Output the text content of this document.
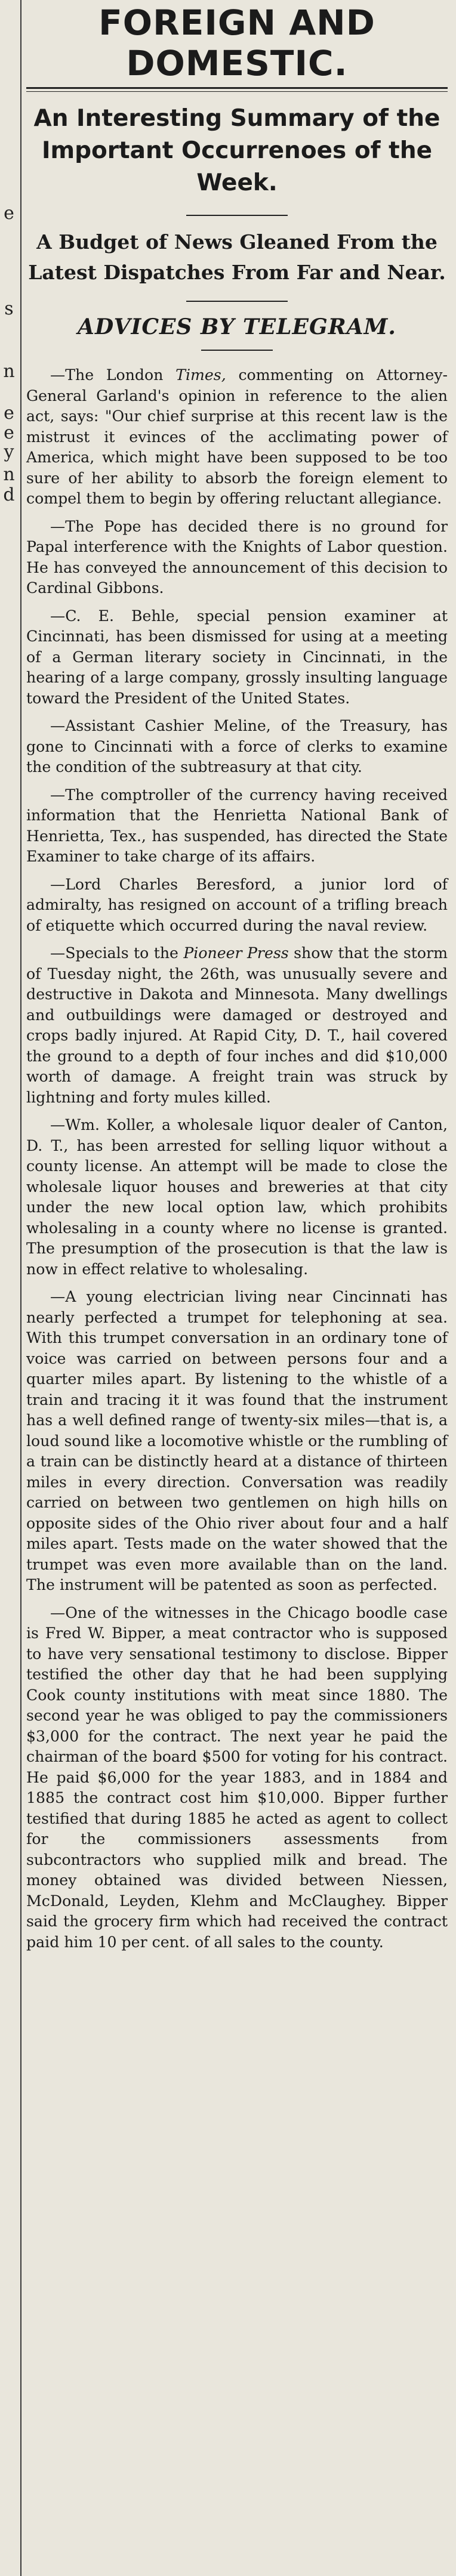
e
s
n
e
e
y
n
d
FOREIGN AND DOMESTIC.
An Interesting Summary of the Important Occurrenoes of the Week.
A Budget of News Gleaned From the Latest Dispatches From Far and Near.
ADVICES BY TELEGRAM.

—The London Times, commenting on Attorney-General Garland's opinion in reference to the alien act, says: "Our chief surprise at this recent law is the mistrust it evinces of the acclimating power of America, which might have been supposed to be too sure of her ability to absorb the foreign element to compel them to begin by offering reluctant allegiance.

—The Pope has decided there is no ground for Papal interference with the Knights of Labor question. He has conveyed the announcement of this decision to Cardinal Gibbons.

—C. E. Behle, special pension examiner at Cincinnati, has been dismissed for using at a meeting of a German literary society in Cincinnati, in the hearing of a large company, grossly insulting language toward the President of the United States.

—Assistant Cashier Meline, of the Treasury, has gone to Cincinnati with a force of clerks to examine the condition of the subtreasury at that city.

—The comptroller of the currency having received information that the Henrietta National Bank of Henrietta, Tex., has suspended, has directed the State Examiner to take charge of its affairs.

—Lord Charles Beresford, a junior lord of admiralty, has resigned on account of a trifling breach of etiquette which occurred during the naval review.

—Specials to the Pioneer Press show that the storm of Tuesday night, the 26th, was unusually severe and destructive in Dakota and Minnesota. Many dwellings and outbuildings were damaged or destroyed and crops badly injured. At Rapid City, D. T., hail covered the ground to a depth of four inches and did $10,000 worth of damage. A freight train was struck by lightning and forty mules killed.

—Wm. Koller, a wholesale liquor dealer of Canton, D. T., has been arrested for selling liquor without a county license. An attempt will be made to close the wholesale liquor houses and breweries at that city under the new local option law, which prohibits wholesaling in a county where no license is granted. The presumption of the prosecution is that the law is now in effect relative to wholesaling.

—A young electrician living near Cincinnati has nearly perfected a trumpet for telephoning at sea. With this trumpet conversation in an ordinary tone of voice was carried on between persons four and a quarter miles apart. By listening to the whistle of a train and tracing it it was found that the instrument has a well defined range of twenty-six miles—that is, a loud sound like a locomotive whistle or the rumbling of a train can be distinctly heard at a distance of thirteen miles in every direction. Conversation was readily carried on between two gentlemen on high hills on opposite sides of the Ohio river about four and a half miles apart. Tests made on the water showed that the trumpet was even more available than on the land. The instrument will be patented as soon as perfected.

—One of the witnesses in the Chicago boodle case is Fred W. Bipper, a meat contractor who is supposed to have very sensational testimony to disclose. Bipper testified the other day that he had been supplying Cook county institutions with meat since 1880. The second year he was obliged to pay the commissioners $3,000 for the contract. The next year he paid the chairman of the board $500 for voting for his contract. He paid $6,000 for the year 1883, and in 1884 and 1885 the contract cost him $10,000. Bipper further testified that during 1885 he acted as agent to collect for the commissioners assessments from subcontractors who supplied milk and bread. The money obtained was divided between Niessen, McDonald, Leyden, Klehm and McClaughey. Bipper said the grocery firm which had received the contract paid him 10 per cent. of all sales to the county.
